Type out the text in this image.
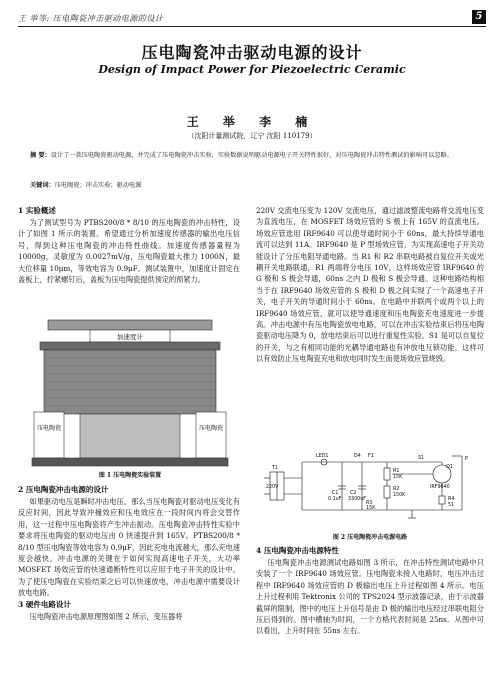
王 举等: 压电陶瓷冲击驱动电源的设计	5
压电陶瓷冲击驱动电源的设计
Design of Impact Power for Piezoelectric Ceramic
王 举 李 楠
（沈阳计量测试院，辽宁 沈阳 110179）
摘 要：设计了一款压电陶瓷驱动电源，并完成了压电陶瓷冲击实验，实验数据说明驱动电源电子开关特性很好，对压电陶瓷冲击特性测试的影响可以忽略。
关键词：压电陶瓷；冲击实验；驱动电源
1 实验概述

为了测试型号为 PTBS200/8 * 8/10 的压电陶瓷的冲击特性，设计了如图 1 所示的装置。希望通过分析加速度传感器的输出电压信号，得到这种压电陶瓷的冲击特性曲线。加速度传感器量程为 10000g，灵敏度为 0.0027mV/g，压电陶瓷最大推力 1000N，最大位移量 10μm，等效电容为 0.9μF。测试装置中，加速度计固定在盖板上，拧紧螺钉后，盖板为压电陶瓷提供预定的预紧力。

加速度计
压电陶瓷	压电陶瓷
图 1 压电陶瓷实验装置
2 压电陶瓷冲击电源的设计

如果驱动电压是瞬时冲击电压，那么当压电陶瓷对驱动电压变化有反应时间，因此导致冲撞效应和压电效应在一段时间内将会交替作用，这一过程中压电陶瓷将产生冲击振动。压电陶瓷冲击特性实验中要求将压电陶瓷的驱动电压由 0 快速提升到 165V。PTBS200/8 * 8/10 型压电陶瓷等效电容为 0.9μF，因此充电电流越大，那么充电速度会越快。冲击电源的关键在于如何实现高速电子开关，大功率 MOSFET 场效应管的快速通断特性可以应用于电子开关的设计中。为了使压电陶瓷在实验结束之后可以快速放电，冲击电源中需要设计放电电路。

3 硬件电路设计

压电陶瓷冲击电源原理图如图 2 所示，变压器将

220V 交流电压变为 120V 交流电压，通过滤波整流电路将交流电压变为直流电压，在 MOSFET 场效应管的 S 极上有 165V 的直流电压。场效应管选用 IRF9640 可以使导通时间小于 60ns，最大持续导通电流可以达到 11A。IRF9640 是 P 型场效应管，为实现高速电子开关功能设计了分压电阻导通电路。当 R1 和 R2 串联电路被自复位开关或光耦开关电路联通，R1 两端将分电压 10V，这样场效应管 IRF9640 的 G 极和 S 极会导通，60ns 之内 D 极和 S 极会导通。这种电路结构相当于在 IRF9640 场效应管的 S 极和 D 极之间实现了一个高速电子开关，电子开关的导通时间小于 60ns。在电路中并联两个或两个以上的 IRF9640 场效应管，就可以使导通速度和压电陶瓷充电速度进一步提高。冲击电源中有压电陶瓷放电电路，可以在冲击实验结束后将压电陶瓷驱动电压降为 0，放电结束后可以进行重复性实验。S1 是可以自复位的开关，与之有相同功能的光耦导通电路也有冲放电互锁功能，这样可以有效防止压电陶瓷充电和放电同时发生而使场效应管烧毁。

T1
220V
LED1	D4 F1
R1
15K
R2
150K
R3
15K
C1
0.1uF
C2
3300uF
Q1
IRF9640
R4
51
S1	P
图 2 压电陶瓷冲击电源电路
4 压电陶瓷冲击电源特性

压电陶瓷冲击电源测试电路如图 3 所示，在冲击特性测试电路中只安装了一个 IRF9640 场效应管。压电陶瓷未接入电路时，电压冲击过程中 IRF9640 场效应管的 D 极输出电压上升过程如图 4 所示。电压上升过程利用 Tektronix 公司的 TPS2024 型示波器记录，由于示波器截屏的限制，图中的电压上升信号是由 D 极的输出电压经过串联电阻分压后得到的。图中横轴为时间，一个方格代表时间是 25ns。从图中可以看出，上升时间在 55ns 左右。
